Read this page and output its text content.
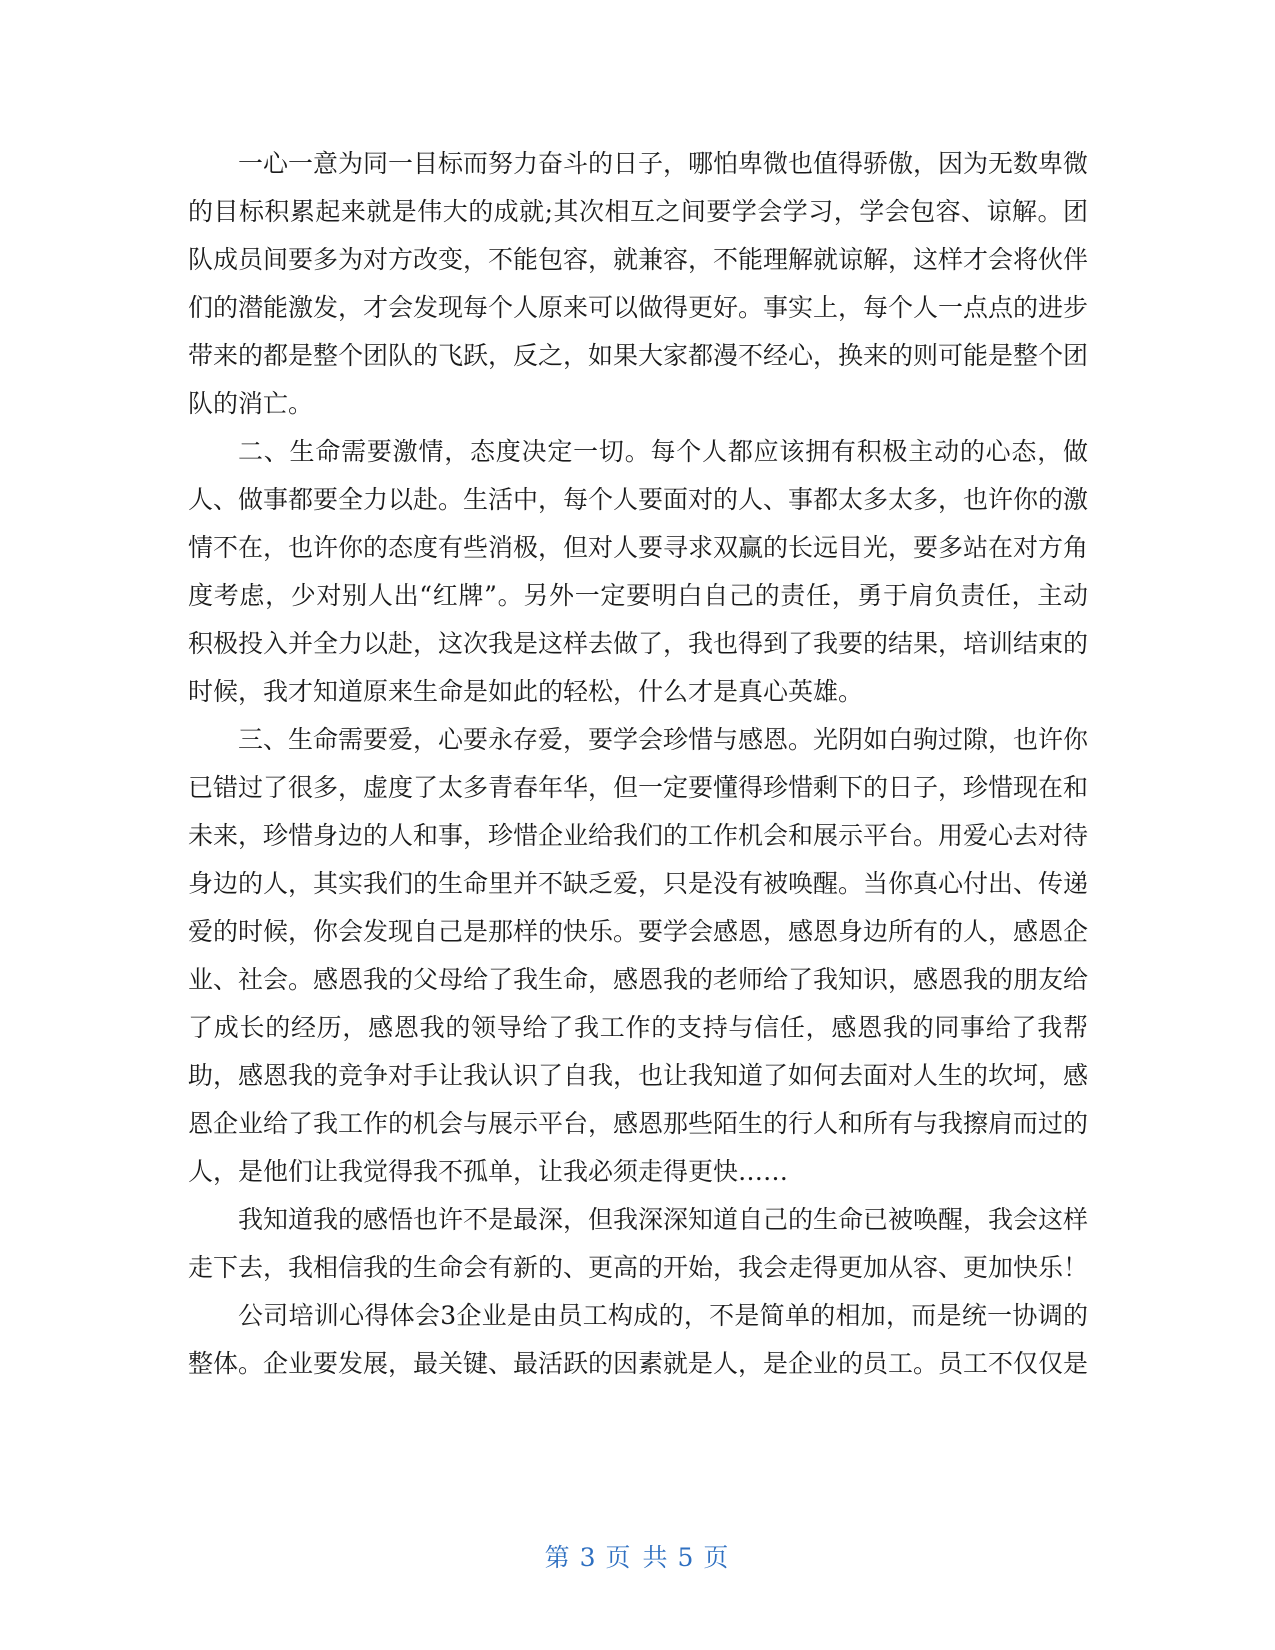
一心一意为同一目标而努力奋斗的日子，哪怕卑微也值得骄傲，因为无数卑微的目标积累起来就是伟大的成就;其次相互之间要学会学习，学会包容、谅解。团队成员间要多为对方改变，不能包容，就兼容，不能理解就谅解，这样才会将伙伴们的潜能激发，才会发现每个人原来可以做得更好。事实上，每个人一点点的进步带来的都是整个团队的飞跃，反之，如果大家都漫不经心，换来的则可能是整个团队的消亡。

二、生命需要激情，态度决定一切。每个人都应该拥有积极主动的心态，做人、做事都要全力以赴。生活中，每个人要面对的人、事都太多太多，也许你的激情不在，也许你的态度有些消极，但对人要寻求双赢的长远目光，要多站在对方角度考虑，少对别人出“红牌”。另外一定要明白自己的责任，勇于肩负责任，主动积极投入并全力以赴，这次我是这样去做了，我也得到了我要的结果，培训结束的时候，我才知道原来生命是如此的轻松，什么才是真心英雄。

三、生命需要爱，心要永存爱，要学会珍惜与感恩。光阴如白驹过隙，也许你已错过了很多，虚度了太多青春年华，但一定要懂得珍惜剩下的日子，珍惜现在和未来，珍惜身边的人和事，珍惜企业给我们的工作机会和展示平台。用爱心去对待身边的人，其实我们的生命里并不缺乏爱，只是没有被唤醒。当你真心付出、传递爱的时候，你会发现自己是那样的快乐。要学会感恩，感恩身边所有的人，感恩企业、社会。感恩我的父母给了我生命，感恩我的老师给了我知识，感恩我的朋友给了成长的经历，感恩我的领导给了我工作的支持与信任，感恩我的同事给了我帮助，感恩我的竞争对手让我认识了自我，也让我知道了如何去面对人生的坎坷，感恩企业给了我工作的机会与展示平台，感恩那些陌生的行人和所有与我擦肩而过的人，是他们让我觉得我不孤单，让我必须走得更快……

我知道我的感悟也许不是最深，但我深深知道自己的生命已被唤醒，我会这样走下去，我相信我的生命会有新的、更高的开始，我会走得更加从容、更加快乐！

公司培训心得体会3企业是由员工构成的，不是简单的相加，而是统一协调的整体。企业要发展，最关键、最活跃的因素就是人，是企业的员工。员工不仅仅是

第 3 页 共 5 页
